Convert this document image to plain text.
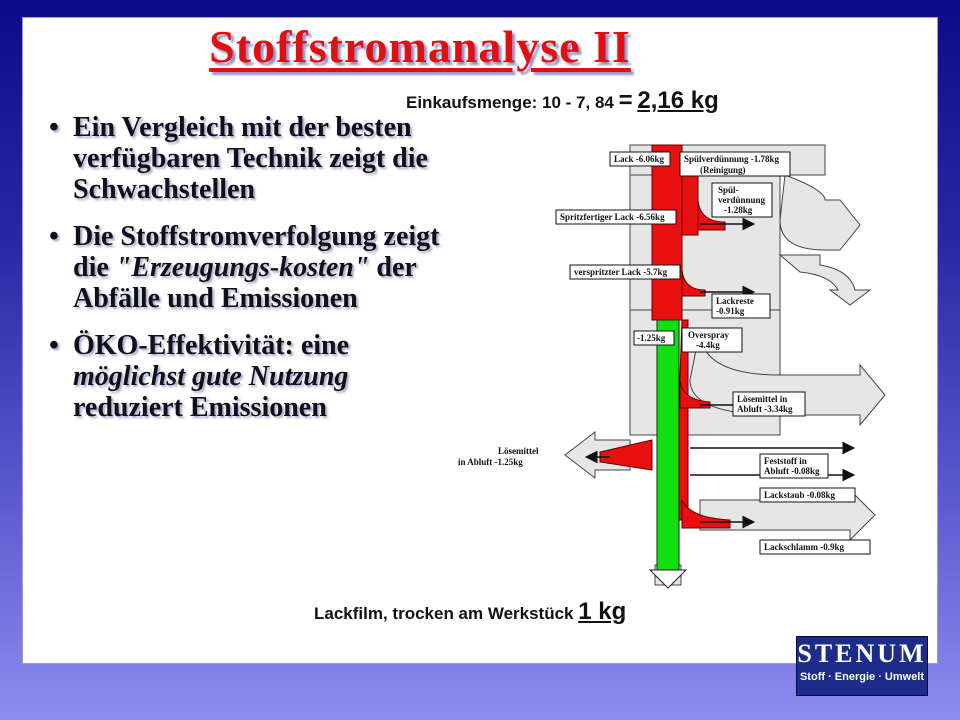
Stoffstromanalyse II
Einkaufsmenge: 10 - 7, 84 = 2,16 kg
• Ein Vergleich mit der besten verfügbaren Technik zeigt die Schwachstellen
• Die Stoffstromverfolgung zeigt die "Erzeugungs-kosten" der Abfälle und Emissionen
• ÖKO-Effektivität: eine möglichst gute Nutzung reduziert Emissionen
Lack -6.06kg Spülverdünnung -1.78kg
(Reinigung)
Spül-
verdünnung
-1.28kg
Spritzfertiger Lack -6.56kg
verspritzter Lack -5.7kg
Lackreste
-0.91kg
-1.25kg	Overspray
-4.4kg
Lösemittel in
Abluft -3.34kg
Lösemittel
in Abluft -1.25kg	Feststoff in
Abluft -0.08kg
Lackstaub -0.08kg
Lackschlamm -0.9kg
Lackfilm, trocken am Werkstück 1 kg
STENUM
Stoff · Energie · Umwelt
